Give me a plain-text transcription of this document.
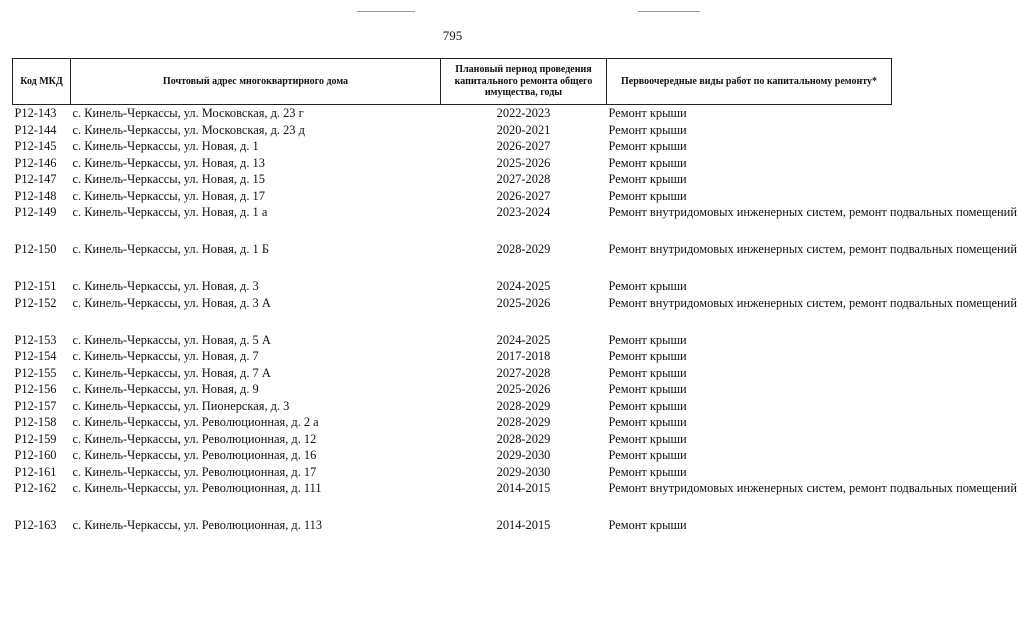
795
Код МКД	Почтовый адрес многоквартирного дома	Плановый период проведения капитального ремонта общего имущества, годы	Первоочередные виды работ по капитальному ремонту*
P12-143	с. Кинель-Черкассы, ул. Московская, д. 23 г	2022-2023	Ремонт крыши
P12-144	с. Кинель-Черкассы, ул. Московская, д. 23 д	2020-2021	Ремонт крыши
P12-145	с. Кинель-Черкассы, ул. Новая, д. 1	2026-2027	Ремонт крыши
P12-146	с. Кинель-Черкассы, ул. Новая, д. 13	2025-2026	Ремонт крыши
P12-147	с. Кинель-Черкассы, ул. Новая, д. 15	2027-2028	Ремонт крыши
P12-148	с. Кинель-Черкассы, ул. Новая, д. 17	2026-2027	Ремонт крыши
P12-149	с. Кинель-Черкассы, ул. Новая, д. 1 а	2023-2024	Ремонт внутридомовых инженерных систем, ремонт подвальных помещений
P12-150	с. Кинель-Черкассы, ул. Новая, д. 1 Б	2028-2029	Ремонт внутридомовых инженерных систем, ремонт подвальных помещений
P12-151	с. Кинель-Черкассы, ул. Новая, д. 3	2024-2025	Ремонт крыши
P12-152	с. Кинель-Черкассы, ул. Новая, д. 3 А	2025-2026	Ремонт внутридомовых инженерных систем, ремонт подвальных помещений
P12-153	с. Кинель-Черкассы, ул. Новая, д. 5 А	2024-2025	Ремонт крыши
P12-154	с. Кинель-Черкассы, ул. Новая, д. 7	2017-2018	Ремонт крыши
P12-155	с. Кинель-Черкассы, ул. Новая, д. 7 А	2027-2028	Ремонт крыши
P12-156	с. Кинель-Черкассы, ул. Новая, д. 9	2025-2026	Ремонт крыши
P12-157	с. Кинель-Черкассы, ул. Пионерская, д. 3	2028-2029	Ремонт крыши
P12-158	с. Кинель-Черкассы, ул. Революционная, д. 2 а	2028-2029	Ремонт крыши
P12-159	с. Кинель-Черкассы, ул. Революционная, д. 12	2028-2029	Ремонт крыши
P12-160	с. Кинель-Черкассы, ул. Революционная, д. 16	2029-2030	Ремонт крыши
P12-161	с. Кинель-Черкассы, ул. Революционная, д. 17	2029-2030	Ремонт крыши
P12-162	с. Кинель-Черкассы, ул. Революционная, д. 111	2014-2015	Ремонт внутридомовых инженерных систем, ремонт подвальных помещений
P12-163	с. Кинель-Черкассы, ул. Революционная, д. 113	2014-2015	Ремонт крыши
